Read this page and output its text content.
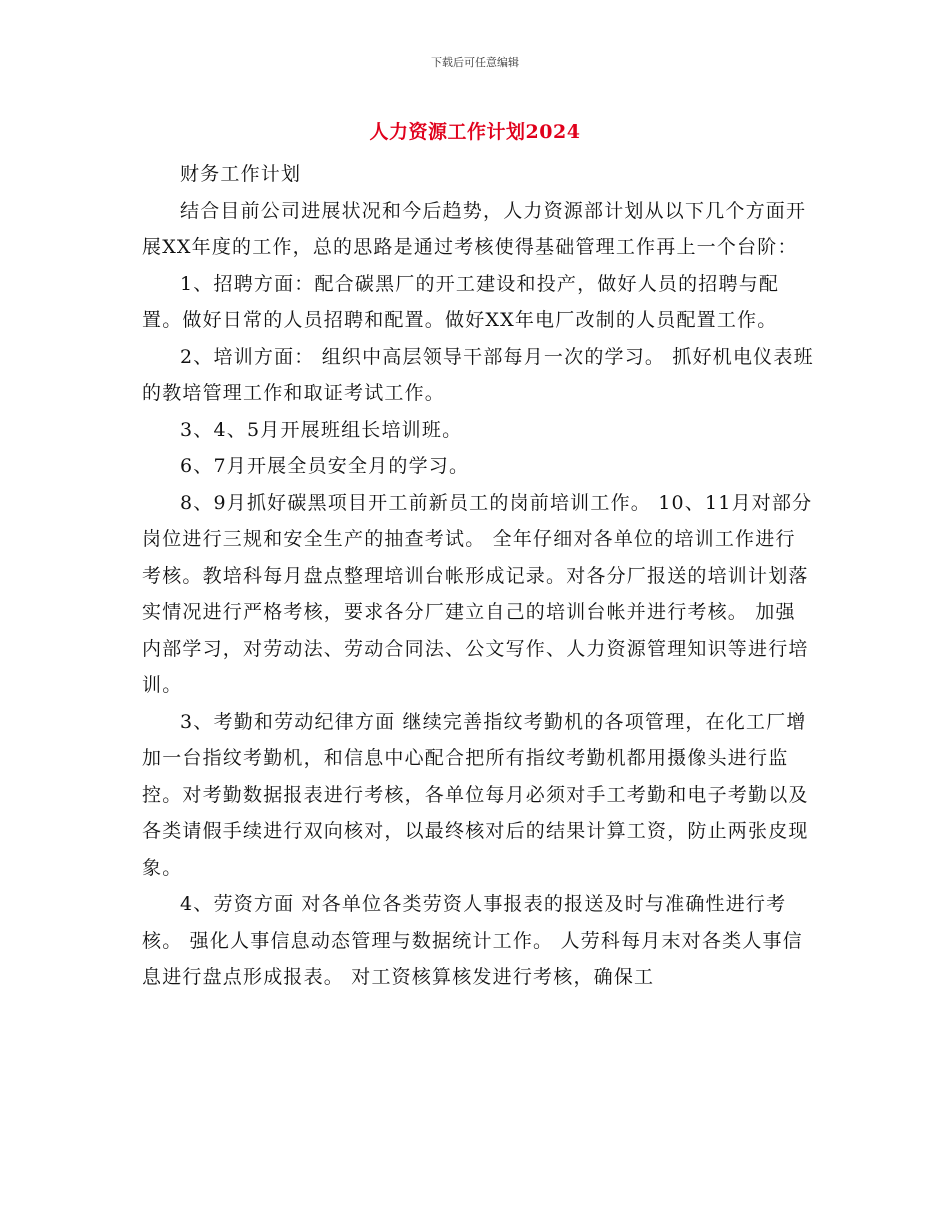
下载后可任意编辑
人力资源工作计划2024

财务工作计划

结合目前公司进展状况和今后趋势，人力资源部计划从以下几个方面开展XX年度的工作，总的思路是通过考核使得基础管理工作再上一个台阶：

1、招聘方面：配合碳黑厂的开工建设和投产，做好人员的招聘与配置。做好日常的人员招聘和配置。做好XX年电厂改制的人员配置工作。

2、培训方面： 组织中高层领导干部每月一次的学习。 抓好机电仪表班的教培管理工作和取证考试工作。

3、4、5月开展班组长培训班。

6、7月开展全员安全月的学习。

8、9月抓好碳黑项目开工前新员工的岗前培训工作。 10、11月对部分岗位进行三规和安全生产的抽查考试。 全年仔细对各单位的培训工作进行考核。教培科每月盘点整理培训台帐形成记录。对各分厂报送的培训计划落实情况进行严格考核，要求各分厂建立自己的培训台帐并进行考核。 加强内部学习，对劳动法、劳动合同法、公文写作、人力资源管理知识等进行培训。

3、考勤和劳动纪律方面 继续完善指纹考勤机的各项管理，在化工厂增加一台指纹考勤机，和信息中心配合把所有指纹考勤机都用摄像头进行监控。对考勤数据报表进行考核，各单位每月必须对手工考勤和电子考勤以及各类请假手续进行双向核对，以最终核对后的结果计算工资，防止两张皮现象。

4、劳资方面 对各单位各类劳资人事报表的报送及时与准确性进行考核。 强化人事信息动态管理与数据统计工作。 人劳科每月末对各类人事信息进行盘点形成报表。 对工资核算核发进行考核，确保工
